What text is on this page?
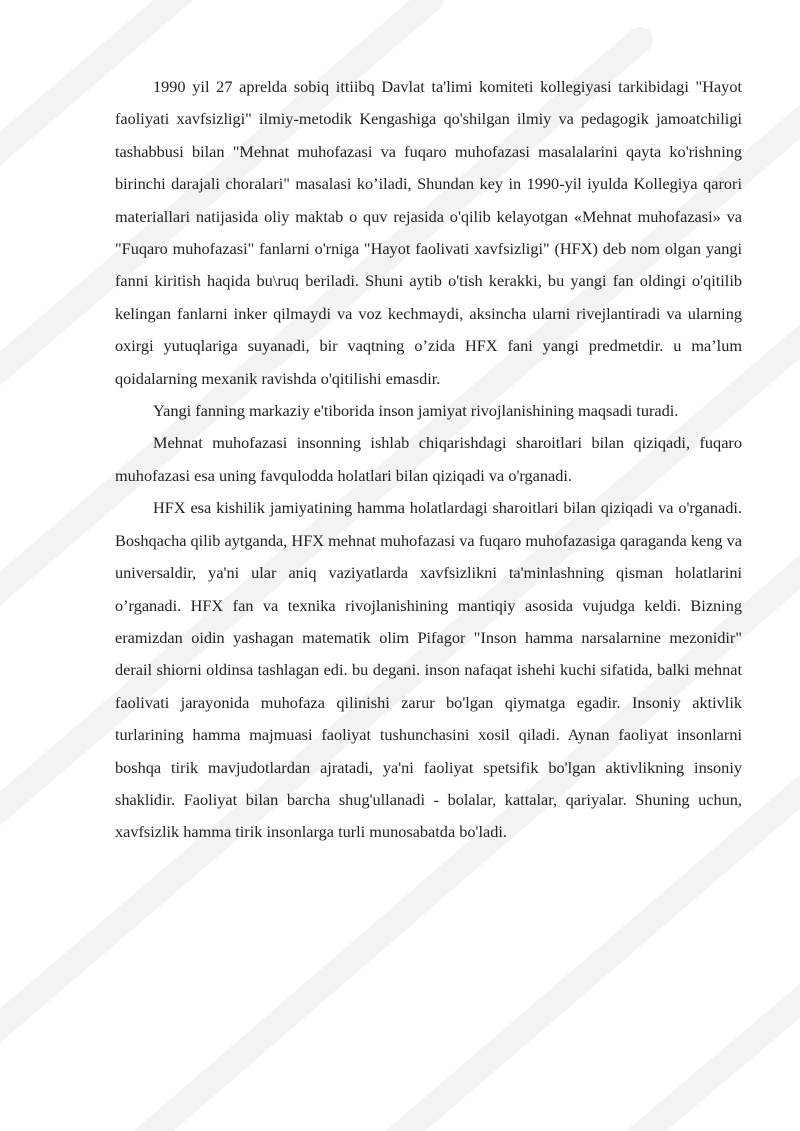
1990 yil 27 aprelda sobiq ittiibq Davlat ta'limi komiteti kollegiyasi tarkibidagi "Hayot faoliyati xavfsizligi" ilmiy-metodik Kengashiga qo'shilgan ilmiy va pedagogik jamoatchiligi tashabbusi bilan "Mehnat muhofazasi va fuqaro muhofazasi masalalarini qayta ko'rishning birinchi darajali choralari" masalasi ko’iladi, Shundan key in 1990-yil iyulda Kollegiya qarori materiallari natijasida oliy maktab o quv rejasida o'qilib kelayotgan «Mehnat muhofazasi» va "Fuqaro muhofazasi" fanlarni o'rniga "Hayot faolivati xavfsizligi" (HFX) deb nom olgan yangi fanni kiritish haqida bu\ruq beriladi. Shuni aytib o'tish kerakki, bu yangi fan oldingi o'qitilib kelingan fanlarni inker qilmaydi va voz kechmaydi, aksincha ularni rivejlantiradi va ularning oxirgi yutuqlariga suyanadi, bir vaqtning o’zida HFX fani yangi predmetdir. u ma’lum qoidalarning mexanik ravishda o'qitilishi emasdir.

Yangi fanning markaziy e'tiborida inson jamiyat rivojlanishining maqsadi turadi.

Mehnat muhofazasi insonning ishlab chiqarishdagi sharoitlari bilan qiziqadi, fuqaro muhofazasi esa uning favqulodda holatlari bilan qiziqadi va o'rganadi.

HFX esa kishilik jamiyatining hamma holatlardagi sharoitlari bilan qiziqadi va o'rganadi. Boshqacha qilib aytganda, HFX mehnat muhofazasi va fuqaro muhofazasiga qaraganda keng va universaldir, ya'ni ular aniq vaziyatlarda xavfsizlikni ta'minlashning qisman holatlarini o’rganadi. HFX fan va texnika rivojlanishining mantiqiy asosida vujudga keldi. Bizning eramizdan oidin yashagan matematik olim Pifagor "Inson hamma narsalarnine mezonidir" derail shiorni oldinsa tashlagan edi. bu degani. inson nafaqat ishehi kuchi sifatida, balki mehnat faolivati jarayonida muhofaza qilinishi zarur bo'lgan qiymatga egadir. Insoniy aktivlik turlarining hamma majmuasi faoliyat tushunchasini xosil qiladi. Aynan faoliyat insonlarni boshqa tirik mavjudotlardan ajratadi, ya'ni faoliyat spetsifik bo'lgan aktivlikning insoniy shaklidir. Faoliyat bilan barcha shug'ullanadi - bolalar, kattalar, qariyalar. Shuning uchun, xavfsizlik hamma tirik insonlarga turli munosabatda bo'ladi.
